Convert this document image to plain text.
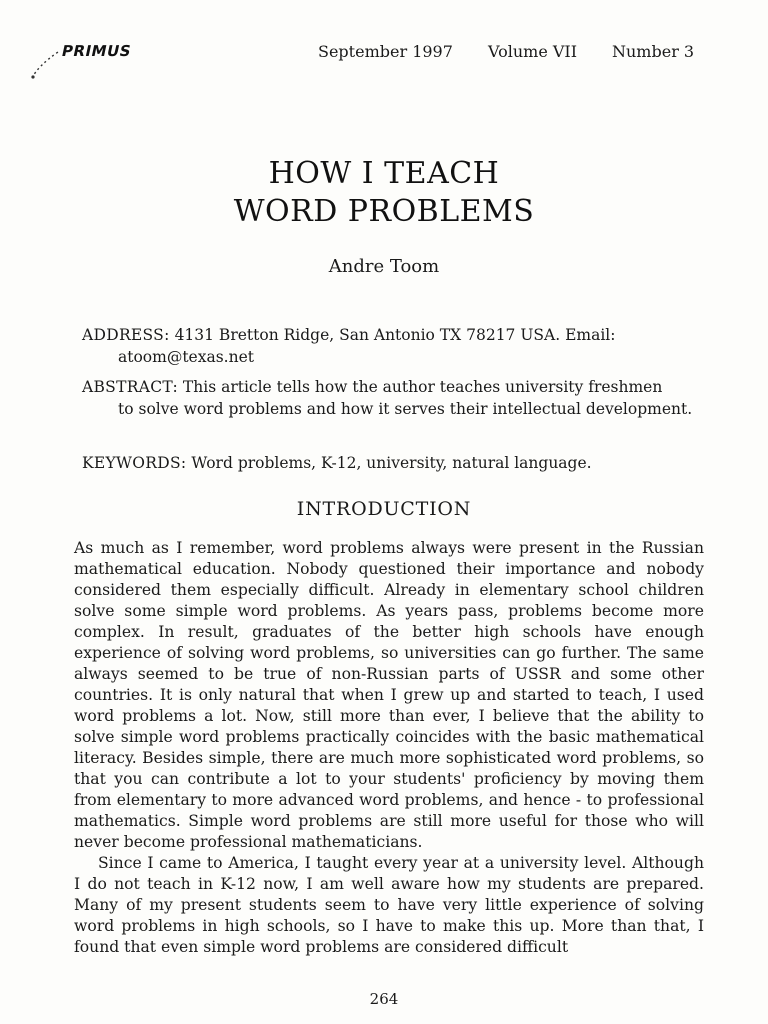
PRIMUS	September 1997 Volume VII Number 3
HOW I TEACH
WORD PROBLEMS
Andre Toom
ADDRESS: 4131 Bretton Ridge, San Antonio TX 78217 USA. Email:
atoom@texas.net
ABSTRACT: This article tells how the author teaches university freshmen
to solve word problems and how it serves their intellectual development.
KEYWORDS: Word problems, K-12, university, natural language.
INTRODUCTION

As much as I remember, word problems always were present in the Russian mathematical education. Nobody questioned their importance and nobody considered them especially difficult. Already in elementary school children solve some simple word problems. As years pass, problems become more complex. In result, graduates of the better high schools have enough experience of solving word problems, so universities can go further. The same always seemed to be true of non-Russian parts of USSR and some other countries. It is only natural that when I grew up and started to teach, I used word problems a lot. Now, still more than ever, I believe that the ability to solve simple word problems practically coincides with the basic mathematical literacy. Besides simple, there are much more sophisticated word problems, so that you can contribute a lot to your students' proficiency by moving them from elementary to more advanced word problems, and hence - to professional mathematics. Simple word problems are still more useful for those who will never become professional mathematicians.

Since I came to America, I taught every year at a university level. Although I do not teach in K-12 now, I am well aware how my students are prepared. Many of my present students seem to have very little experience of solving word problems in high schools, so I have to make this up. More than that, I found that even simple word problems are considered difficult

264
